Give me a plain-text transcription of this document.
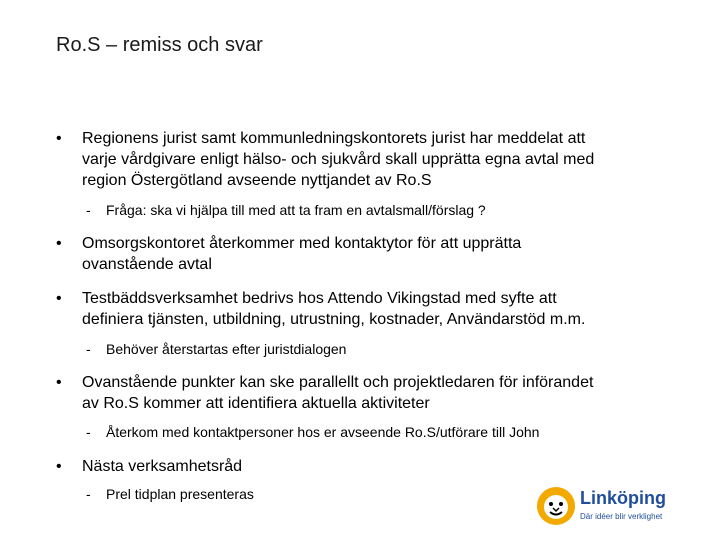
Ro.S – remiss och svar
• Regionens jurist samt kommunledningskontorets jurist har meddelat att
varje vårdgivare enligt hälso- och sjukvård skall upprätta egna avtal med
region Östergötland avseende nyttjandet av Ro.S
- Fråga: ska vi hjälpa till med att ta fram en avtalsmall/förslag ?
• Omsorgskontoret återkommer med kontaktytor för att upprätta
ovanstående avtal
• Testbäddsverksamhet bedrivs hos Attendo Vikingstad med syfte att
definiera tjänsten, utbildning, utrustning, kostnader, Användarstöd m.m.
- Behöver återstartas efter juristdialogen
• Ovanstående punkter kan ske parallellt och projektledaren för införandet
av Ro.S kommer att identifiera aktuella aktiviteter
- Återkom med kontaktpersoner hos er avseende Ro.S/utförare till John
• Nästa verksamhetsråd
- Prel tidplan presenteras	Linköping
Där idéer blir verklighet
